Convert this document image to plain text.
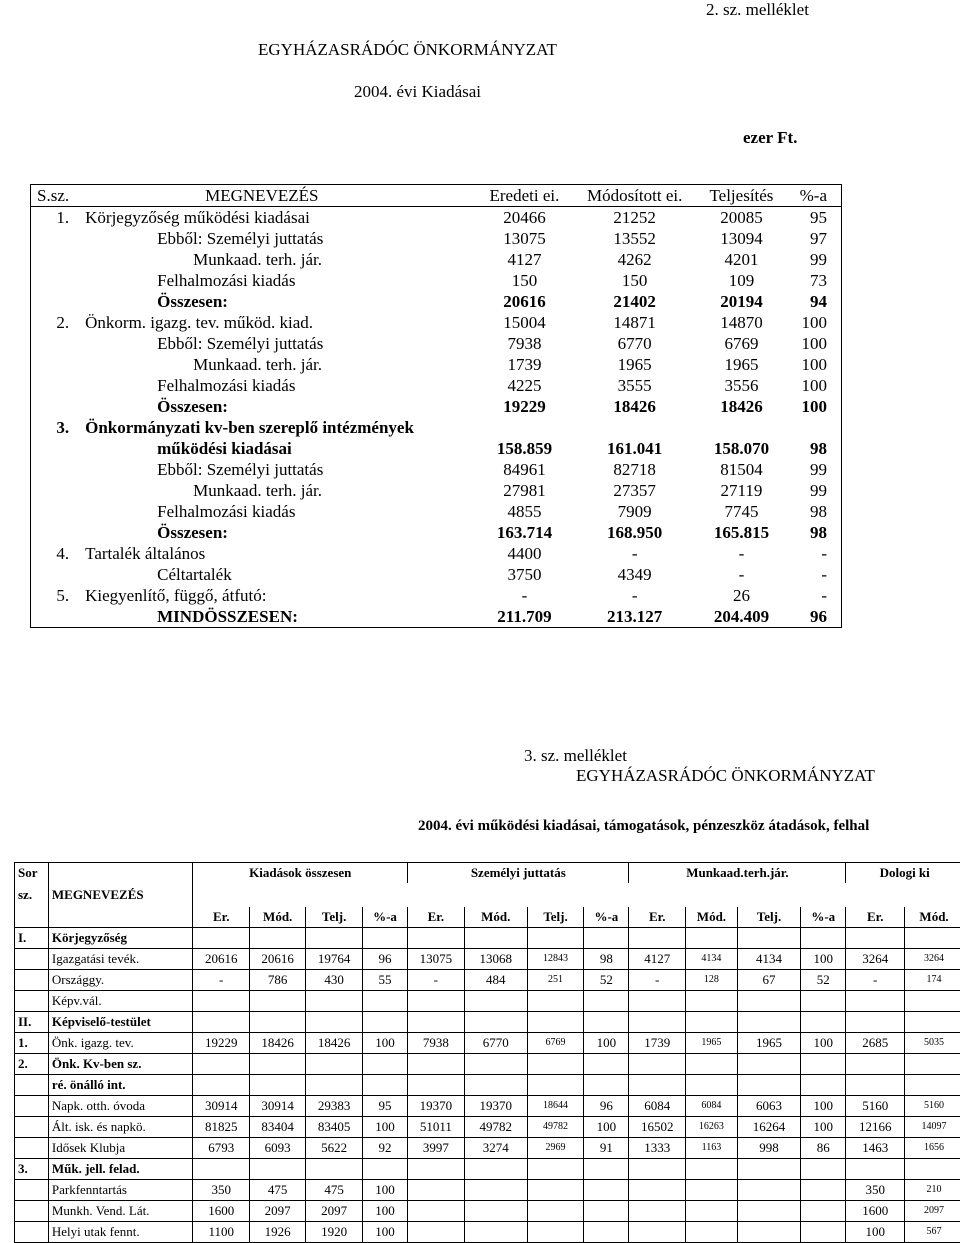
2. sz. melléklet
EGYHÁZASRÁDÓC ÖNKORMÁNYZAT
2004. évi Kiadásai
ezer Ft.
S.sz.	MEGNEVEZÉS	Eredeti ei.	Módosított ei.	Teljesítés	%-a
1.	Körjegyzőség működési kiadásai	20466	21252	20085	95
	Ebből: Személyi juttatás	13075	13552	13094	97
	Munkaad. terh. jár.	4127	4262	4201	99
	Felhalmozási kiadás	150	150	109	73
	Összesen:	20616	21402	20194	94
2.	Önkorm. igazg. tev. működ. kiad.	15004	14871	14870	100
	Ebből: Személyi juttatás	7938	6770	6769	100
	Munkaad. terh. jár.	1739	1965	1965	100
	Felhalmozási kiadás	4225	3555	3556	100
	Összesen:	19229	18426	18426	100
3.	Önkormányzati kv-ben szereplő intézmények				
	működési kiadásai	158.859	161.041	158.070	98
	Ebből: Személyi juttatás	84961	82718	81504	99
	Munkaad. terh. jár.	27981	27357	27119	99
	Felhalmozási kiadás	4855	7909	7745	98
	Összesen:	163.714	168.950	165.815	98
4.	Tartalék általános	4400	-	-	-
	Céltartalék	3750	4349	-	-
5.	Kiegyenlítő, függő, átfutó:	-	-	26	-
	MINDÖSSZESEN:	211.709	213.127	204.409	96
3. sz. melléklet
EGYHÁZASRÁDÓC ÖNKORMÁNYZAT
2004. évi működési kiadásai, támogatások, pénzeszköz átadások, felhal
Sor		Kiadások összesen				Személyi juttatás				Munkaad.terh.jár.				Dologi ki	
sz.	MEGNEVEZÉS														
		Er.	Mód.	Telj.	%-a	Er.	Mód.	Telj.	%-a	Er.	Mód.	Telj.	%-a	Er.	Mód.
I.	Körjegyzőség														
	Igazgatási tevék.	20616	20616	19764	96	13075	13068	12843	98	4127	4134	4134	100	3264	3264
	Országgy.	-	786	430	55	-	484	251	52	-	128	67	52	-	174
	Képv.vál.														
II.	Képviselő-testület														
1.	Önk. igazg. tev.	19229	18426	18426	100	7938	6770	6769	100	1739	1965	1965	100	2685	5035
2.	Önk. Kv-ben sz.														
	ré. önálló int.														
	Napk. otth. óvoda	30914	30914	29383	95	19370	19370	18644	96	6084	6084	6063	100	5160	5160
	Ált. isk. és napkö.	81825	83404	83405	100	51011	49782	49782	100	16502	16263	16264	100	12166	14097
	Idősek Klubja	6793	6093	5622	92	3997	3274	2969	91	1333	1163	998	86	1463	1656
3.	Műk. jell. felad.														
	Parkfenntartás	350	475	475	100									350	210
	Munkh. Vend. Lát.	1600	2097	2097	100									1600	2097
	Helyi utak fennt.	1100	1926	1920	100									100	567
